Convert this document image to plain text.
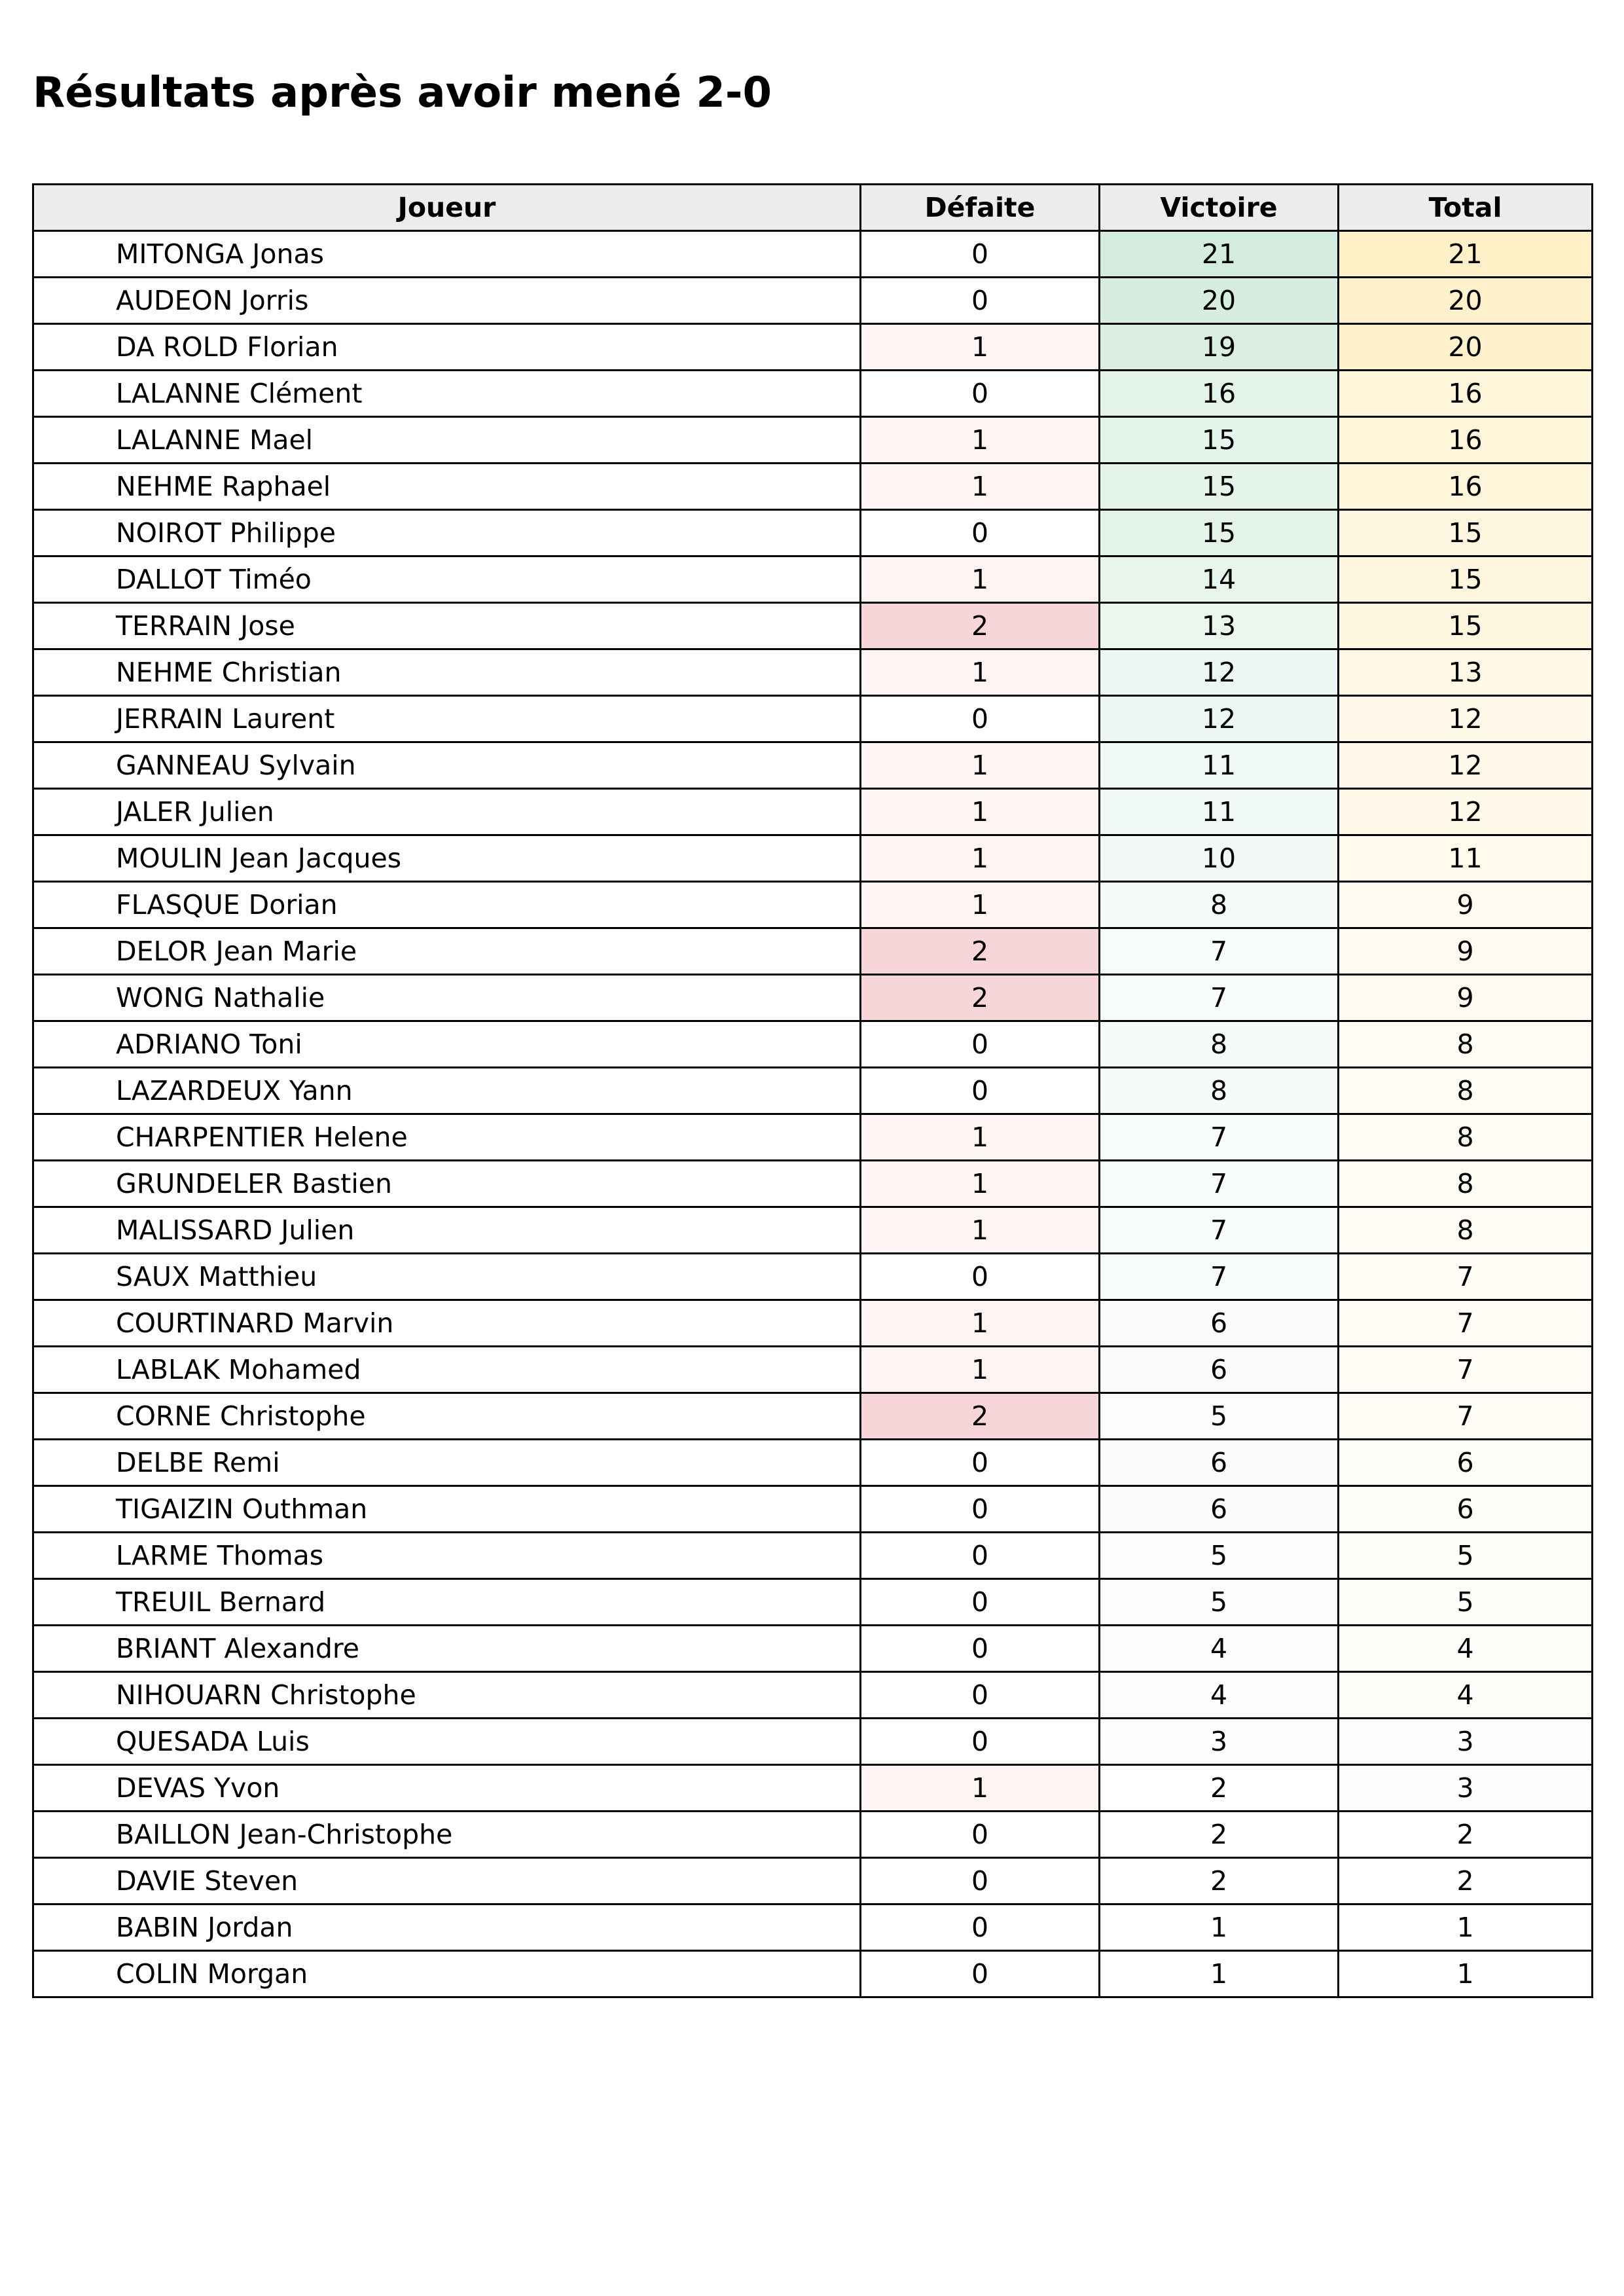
Résultats après avoir mené 2-0
Joueur	Défaite	Victoire	Total
MITONGA Jonas	0	21	21
AUDEON Jorris	0	20	20
DA ROLD Florian	1	19	20
LALANNE Clément	0	16	16
LALANNE Mael	1	15	16
NEHME Raphael	1	15	16
NOIROT Philippe	0	15	15
DALLOT Timéo	1	14	15
TERRAIN Jose	2	13	15
NEHME Christian	1	12	13
JERRAIN Laurent	0	12	12
GANNEAU Sylvain	1	11	12
JALER Julien	1	11	12
MOULIN Jean Jacques	1	10	11
FLASQUE Dorian	1	8	9
DELOR Jean Marie	2	7	9
WONG Nathalie	2	7	9
ADRIANO Toni	0	8	8
LAZARDEUX Yann	0	8	8
CHARPENTIER Helene	1	7	8
GRUNDELER Bastien	1	7	8
MALISSARD Julien	1	7	8
SAUX Matthieu	0	7	7
COURTINARD Marvin	1	6	7
LABLAK Mohamed	1	6	7
CORNE Christophe	2	5	7
DELBE Remi	0	6	6
TIGAIZIN Outhman	0	6	6
LARME Thomas	0	5	5
TREUIL Bernard	0	5	5
BRIANT Alexandre	0	4	4
NIHOUARN Christophe	0	4	4
QUESADA Luis	0	3	3
DEVAS Yvon	1	2	3
BAILLON Jean-Christophe	0	2	2
DAVIE Steven	0	2	2
BABIN Jordan	0	1	1
COLIN Morgan	0	1	1
